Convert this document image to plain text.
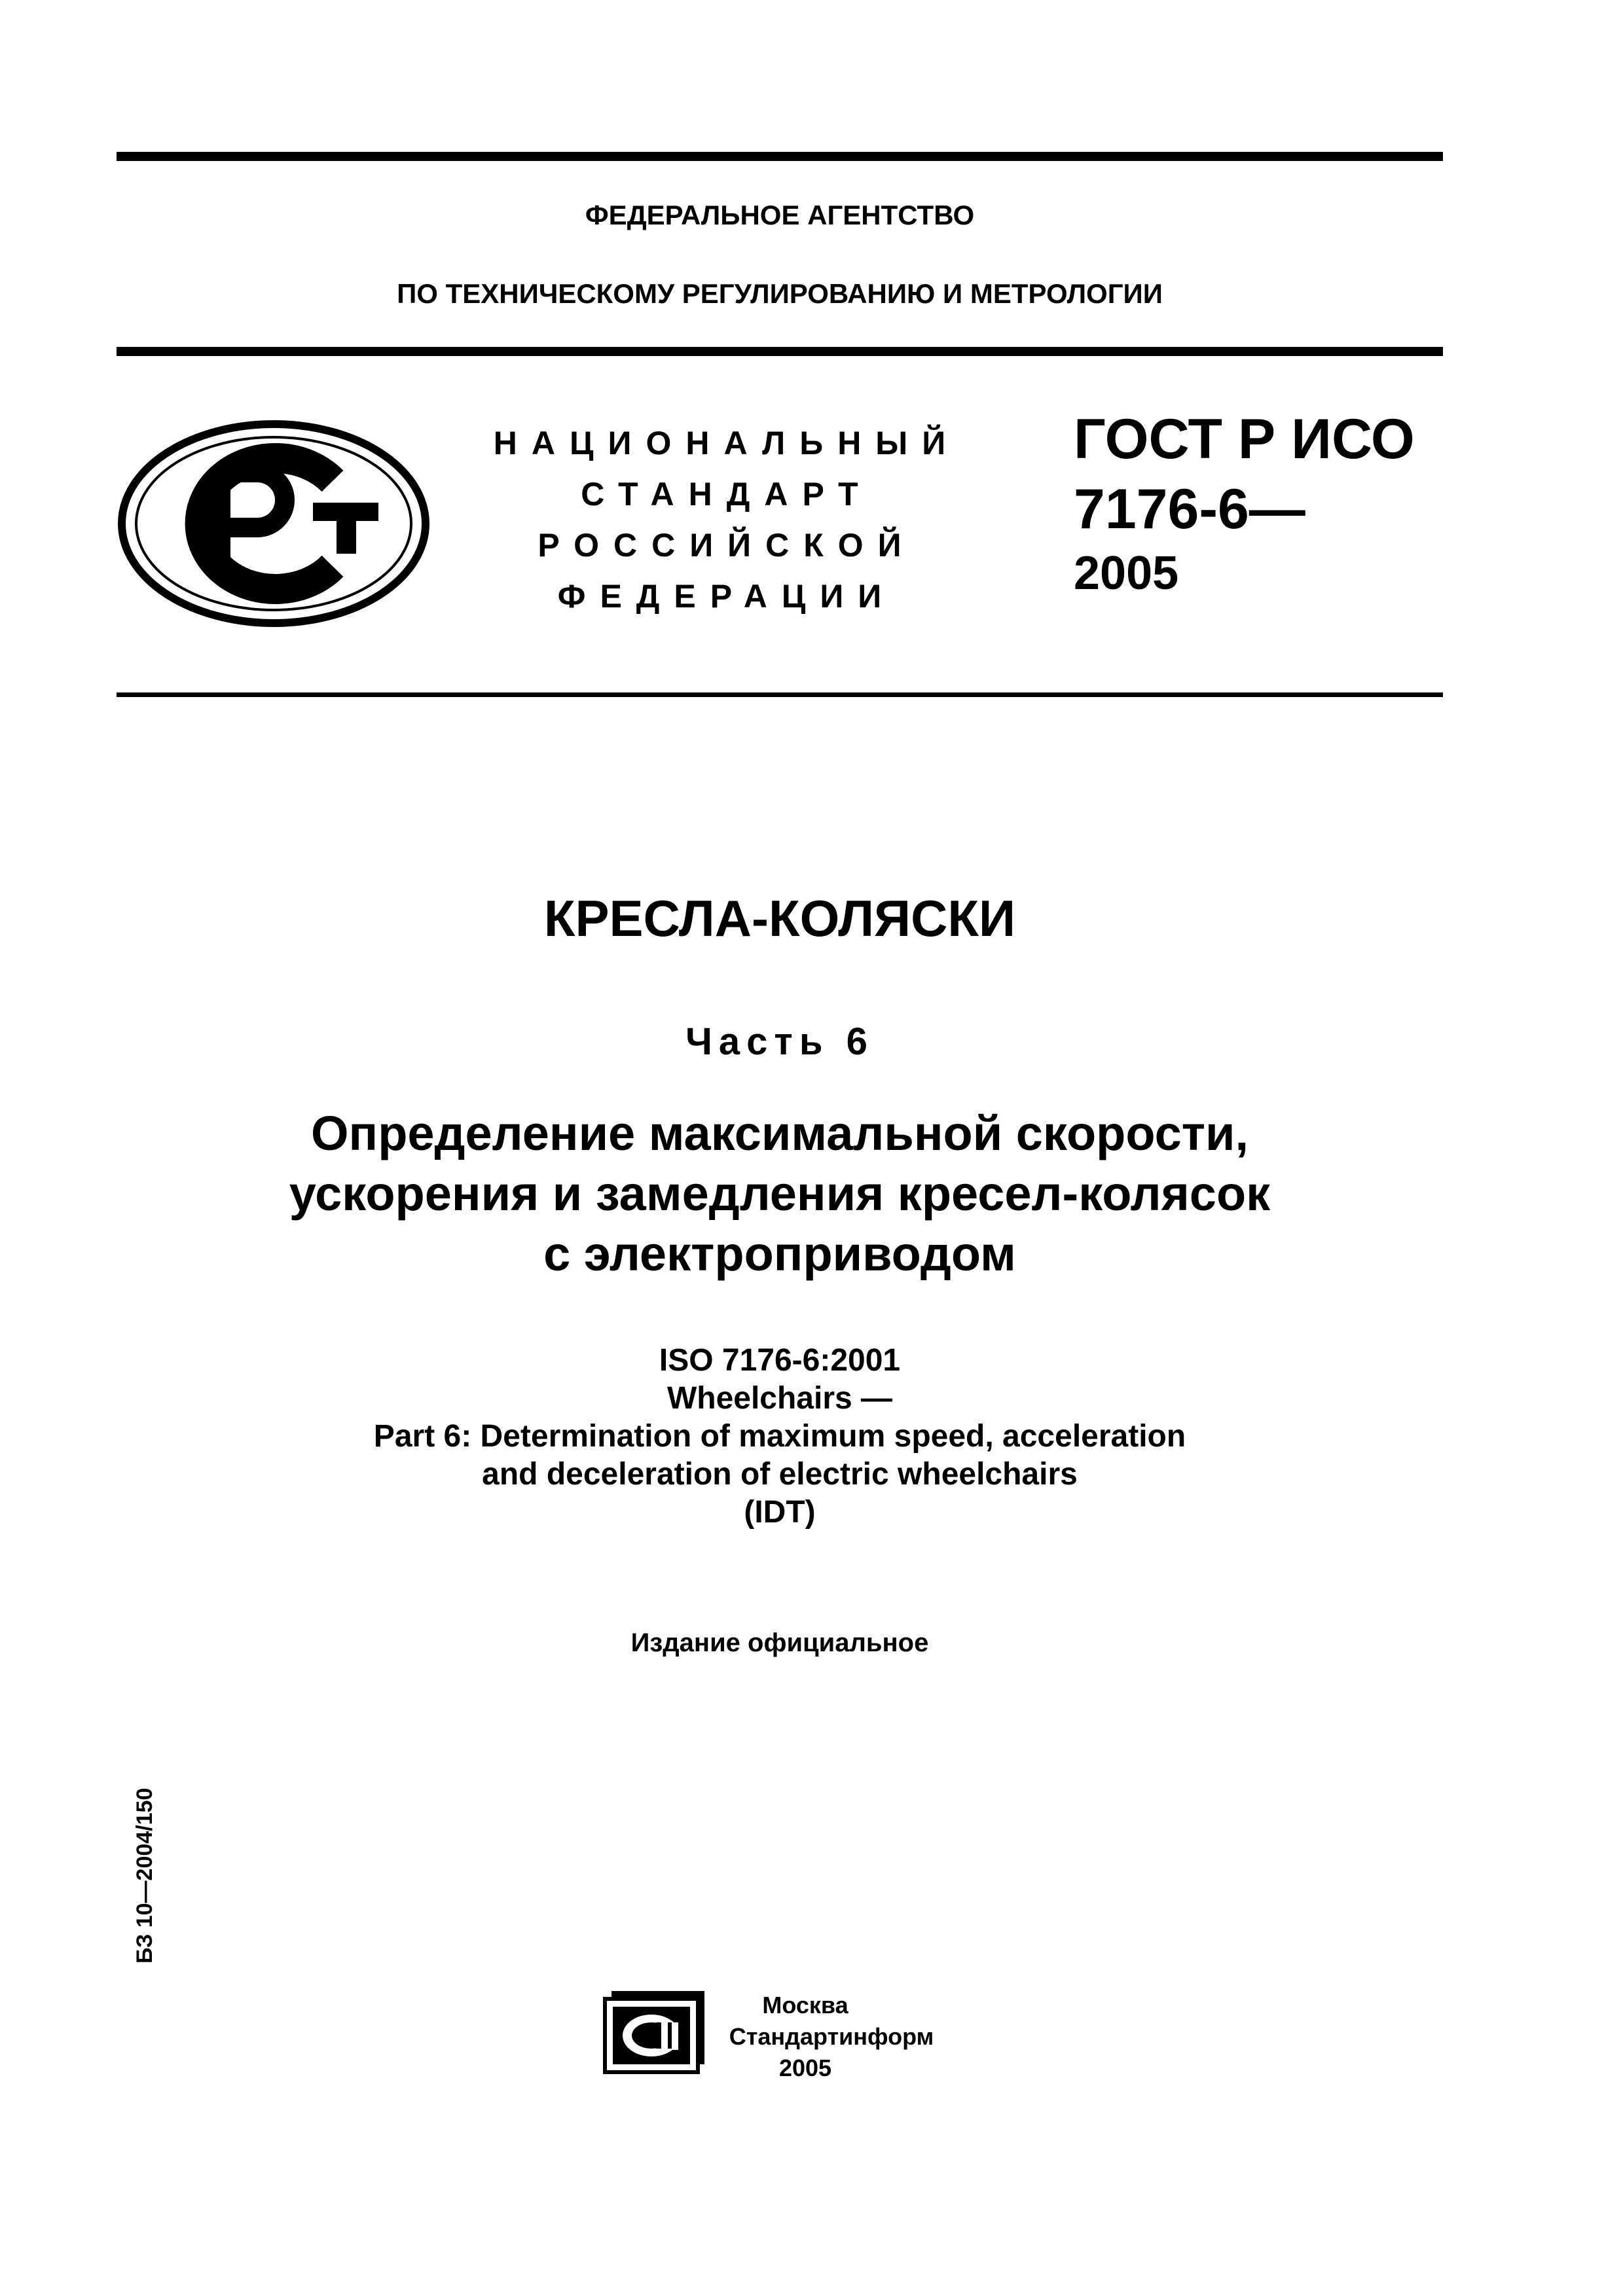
ФЕДЕРАЛЬНОЕ АГЕНТСТВО
ПО ТЕХНИЧЕСКОМУ РЕГУЛИРОВАНИЮ И МЕТРОЛОГИИ
НАЦИОНАЛЬНЫЙ
СТАНДАРТ
РОССИЙСКОЙ
ФЕДЕРАЦИИ
ГОСТ Р ИСО
7176-6—
2005
КРЕСЛА-КОЛЯСКИ
Часть 6
Определение максимальной скорости,
ускорения и замедления кресел-колясок
с электроприводом
ISO 7176-6:2001
Wheelchairs —
Part 6: Determination of maximum speed, acceleration
and deceleration of electric wheelchairs
(IDT)
Издание официальное
БЗ 10—2004/150
Москва
Стандартинформ
2005
